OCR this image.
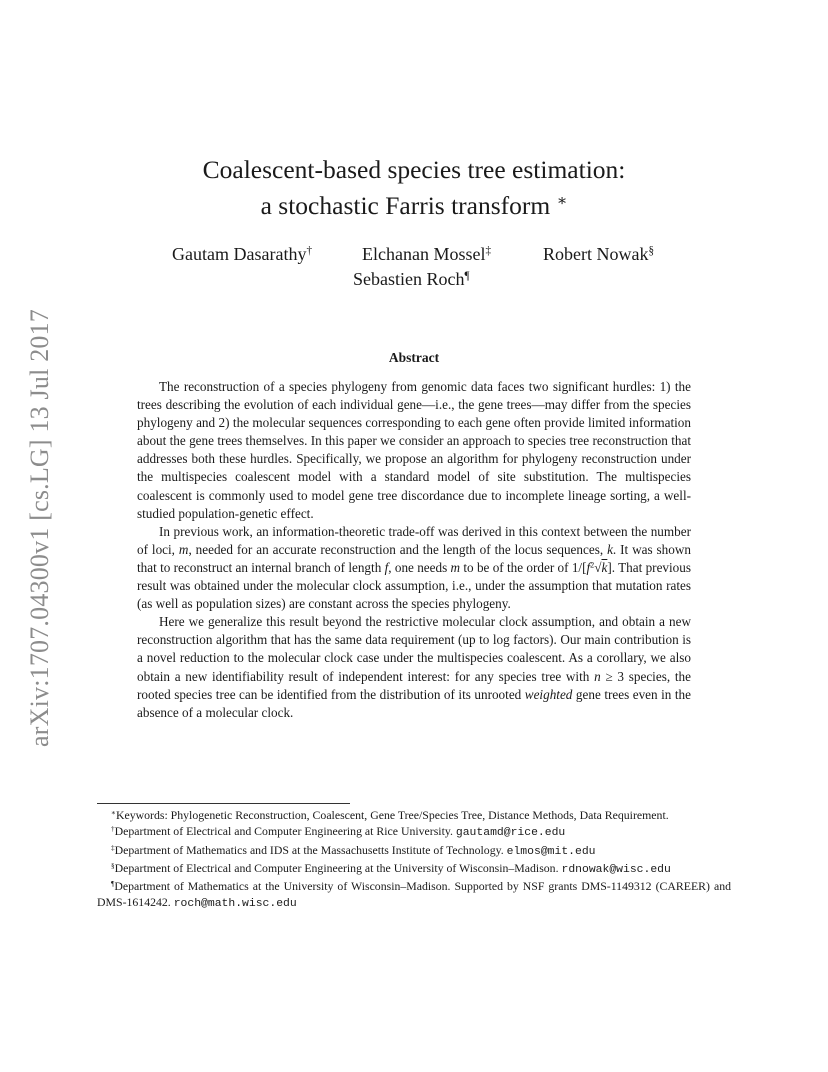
arXiv:1707.04300v1 [cs.LG] 13 Jul 2017
Coalescent-based species tree estimation:
a stochastic Farris transform ∗
Gautam Dasarathy†	Elchanan Mossel‡	Robert Nowak§
Sebastien Roch¶
Abstract

The reconstruction of a species phylogeny from genomic data faces two significant hurdles: 1) the trees describing the evolution of each individual gene—i.e., the gene trees—may differ from the species phylogeny and 2) the molecular sequences corresponding to each gene often provide limited information about the gene trees themselves. In this paper we consider an approach to species tree reconstruction that addresses both these hurdles. Specifically, we propose an algorithm for phylogeny reconstruction under the multispecies coalescent model with a standard model of site substitution. The multispecies coalescent is commonly used to model gene tree discordance due to incomplete lineage sorting, a well-studied population-genetic effect.

In previous work, an information-theoretic trade-off was derived in this context between the number of loci, m, needed for an accurate reconstruction and the length of the locus sequences, k. It was shown that to reconstruct an internal branch of length f, one needs m to be of the order of $1/[f^2√k]$. That previous result was obtained under the molecular clock assumption, i.e., under the assumption that mutation rates (as well as population sizes) are constant across the species phylogeny.

Here we generalize this result beyond the restrictive molecular clock assumption, and obtain a new reconstruction algorithm that has the same data requirement (up to log factors). Our main contribution is a novel reduction to the molecular clock case under the multispecies coalescent. As a corollary, we also obtain a new identifiability result of independent interest: for any species tree with n ≥ 3 species, the rooted species tree can be identified from the distribution of its unrooted weighted gene trees even in the absence of a molecular clock.

∗Keywords: Phylogenetic Reconstruction, Coalescent, Gene Tree/Species Tree, Distance Methods, Data Requirement.

†Department of Electrical and Computer Engineering at Rice University. gautamd@rice.edu

‡Department of Mathematics and IDS at the Massachusetts Institute of Technology. elmos@mit.edu

§Department of Electrical and Computer Engineering at the University of Wisconsin–Madison. rdnowak@wisc.edu

¶Department of Mathematics at the University of Wisconsin–Madison. Supported by NSF grants DMS-1149312 (CAREER) and DMS-1614242. roch@math.wisc.edu
